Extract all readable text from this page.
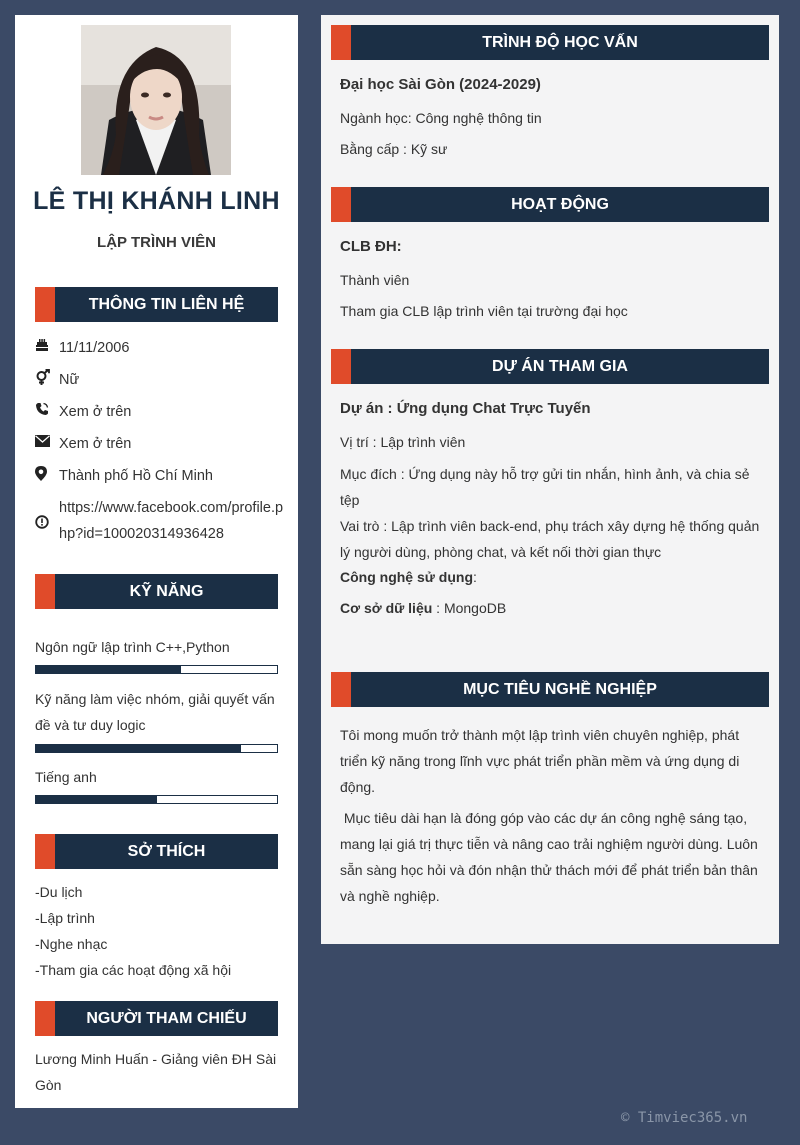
LÊ THỊ KHÁNH LINH
LẬP TRÌNH VIÊN
THÔNG TIN LIÊN HỆ
11/11/2006
Nữ
Xem ở trên
Xem ở trên
Thành phố Hồ Chí Minh
https://www.facebook.com/profile.php?id=100020314936428
KỸ NĂNG
Ngôn ngữ lập trình C++,Python
Kỹ năng làm việc nhóm, giải quyết vấn đề và tư duy logic
Tiếng anh
SỞ THÍCH
-Du lịch
-Lập trình
-Nghe nhạc
-Tham gia các hoạt động xã hội
NGƯỜI THAM CHIẾU
Lương Minh Huấn - Giảng viên ĐH Sài Gòn
TRÌNH ĐỘ HỌC VẤN
Đại học Sài Gòn (2024-2029)
Ngành học: Công nghệ thông tin
Bằng cấp : Kỹ sư
HOẠT ĐỘNG
CLB ĐH:
Thành viên
Tham gia CLB lập trình viên tại trường đại học
DỰ ÁN THAM GIA
Dự án : Ứng dụng Chat Trực Tuyến
Vị trí : Lập trình viên
Mục đích : Ứng dụng này hỗ trợ gửi tin nhắn, hình ảnh, và chia sẻ tệp
Vai trò : Lập trình viên back-end, phụ trách xây dựng hệ thống quản lý người dùng, phòng chat, và kết nối thời gian thực
Công nghệ sử dụng:
Cơ sở dữ liệu : MongoDB
MỤC TIÊU NGHỀ NGHIỆP
Tôi mong muốn trở thành một lập trình viên chuyên nghiệp, phát triển kỹ năng trong lĩnh vực phát triển phần mềm và ứng dụng di động.
Mục tiêu dài hạn là đóng góp vào các dự án công nghệ sáng tạo, mang lại giá trị thực tiễn và nâng cao trải nghiệm người dùng. Luôn sẵn sàng học hỏi và đón nhận thử thách mới để phát triển bản thân và nghề nghiệp.
© Timviec365.vn
